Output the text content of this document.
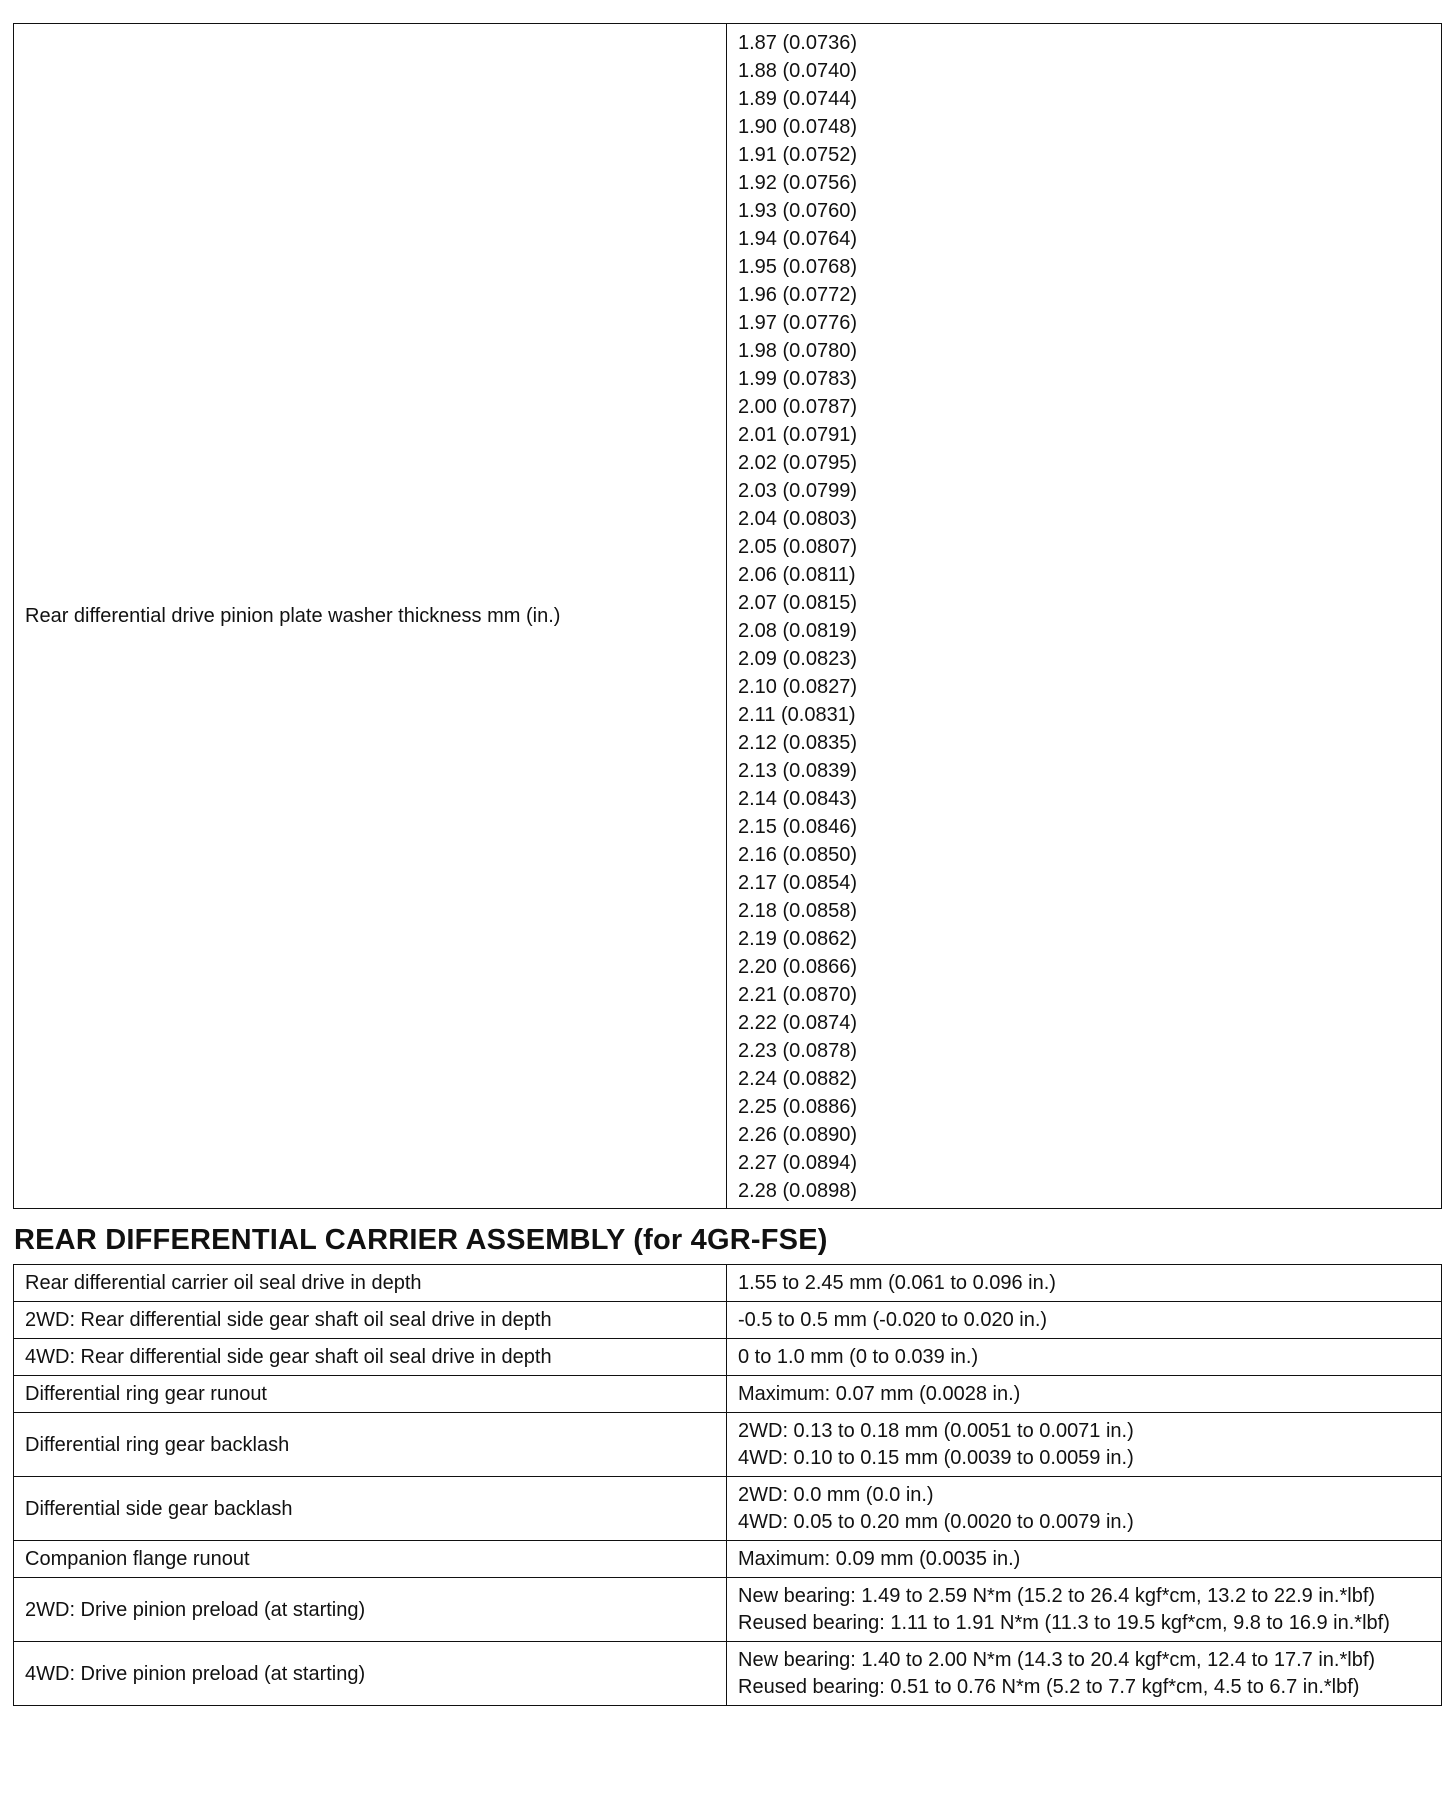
Rear differential drive pinion plate washer thickness mm (in.)	
1.87 (0.0736)
1.88 (0.0740)
1.89 (0.0744)
1.90 (0.0748)
1.91 (0.0752)
1.92 (0.0756)
1.93 (0.0760)
1.94 (0.0764)
1.95 (0.0768)
1.96 (0.0772)
1.97 (0.0776)
1.98 (0.0780)
1.99 (0.0783)
2.00 (0.0787)
2.01 (0.0791)
2.02 (0.0795)
2.03 (0.0799)
2.04 (0.0803)
2.05 (0.0807)
2.06 (0.0811)
2.07 (0.0815)
2.08 (0.0819)
2.09 (0.0823)
2.10 (0.0827)
2.11 (0.0831)
2.12 (0.0835)
2.13 (0.0839)
2.14 (0.0843)
2.15 (0.0846)
2.16 (0.0850)
2.17 (0.0854)
2.18 (0.0858)
2.19 (0.0862)
2.20 (0.0866)
2.21 (0.0870)
2.22 (0.0874)
2.23 (0.0878)
2.24 (0.0882)
2.25 (0.0886)
2.26 (0.0890)
2.27 (0.0894)
2.28 (0.0898)
REAR DIFFERENTIAL CARRIER ASSEMBLY (for 4GR-FSE)
Rear differential carrier oil seal drive in depth	1.55 to 2.45 mm (0.061 to 0.096 in.)

2WD: Rear differential side gear shaft oil seal drive in depth	-0.5 to 0.5 mm (-0.020 to 0.020 in.)

4WD: Rear differential side gear shaft oil seal drive in depth	0 to 1.0 mm (0 to 0.039 in.)

Differential ring gear runout	Maximum: 0.07 mm (0.0028 in.)

Differential ring gear backlash	2WD: 0.13 to 0.18 mm (0.0051 to 0.0071 in.)
4WD: 0.10 to 0.15 mm (0.0039 to 0.0059 in.)

Differential side gear backlash	2WD: 0.0 mm (0.0 in.)
4WD: 0.05 to 0.20 mm (0.0020 to 0.0079 in.)

Companion flange runout	Maximum: 0.09 mm (0.0035 in.)

2WD: Drive pinion preload (at starting)	New bearing: 1.49 to 2.59 N*m (15.2 to 26.4 kgf*cm, 13.2 to 22.9 in.*lbf)
Reused bearing: 1.11 to 1.91 N*m (11.3 to 19.5 kgf*cm, 9.8 to 16.9 in.*lbf)

4WD: Drive pinion preload (at starting)	New bearing: 1.40 to 2.00 N*m (14.3 to 20.4 kgf*cm, 12.4 to 17.7 in.*lbf)
Reused bearing: 0.51 to 0.76 N*m (5.2 to 7.7 kgf*cm, 4.5 to 6.7 in.*lbf)
